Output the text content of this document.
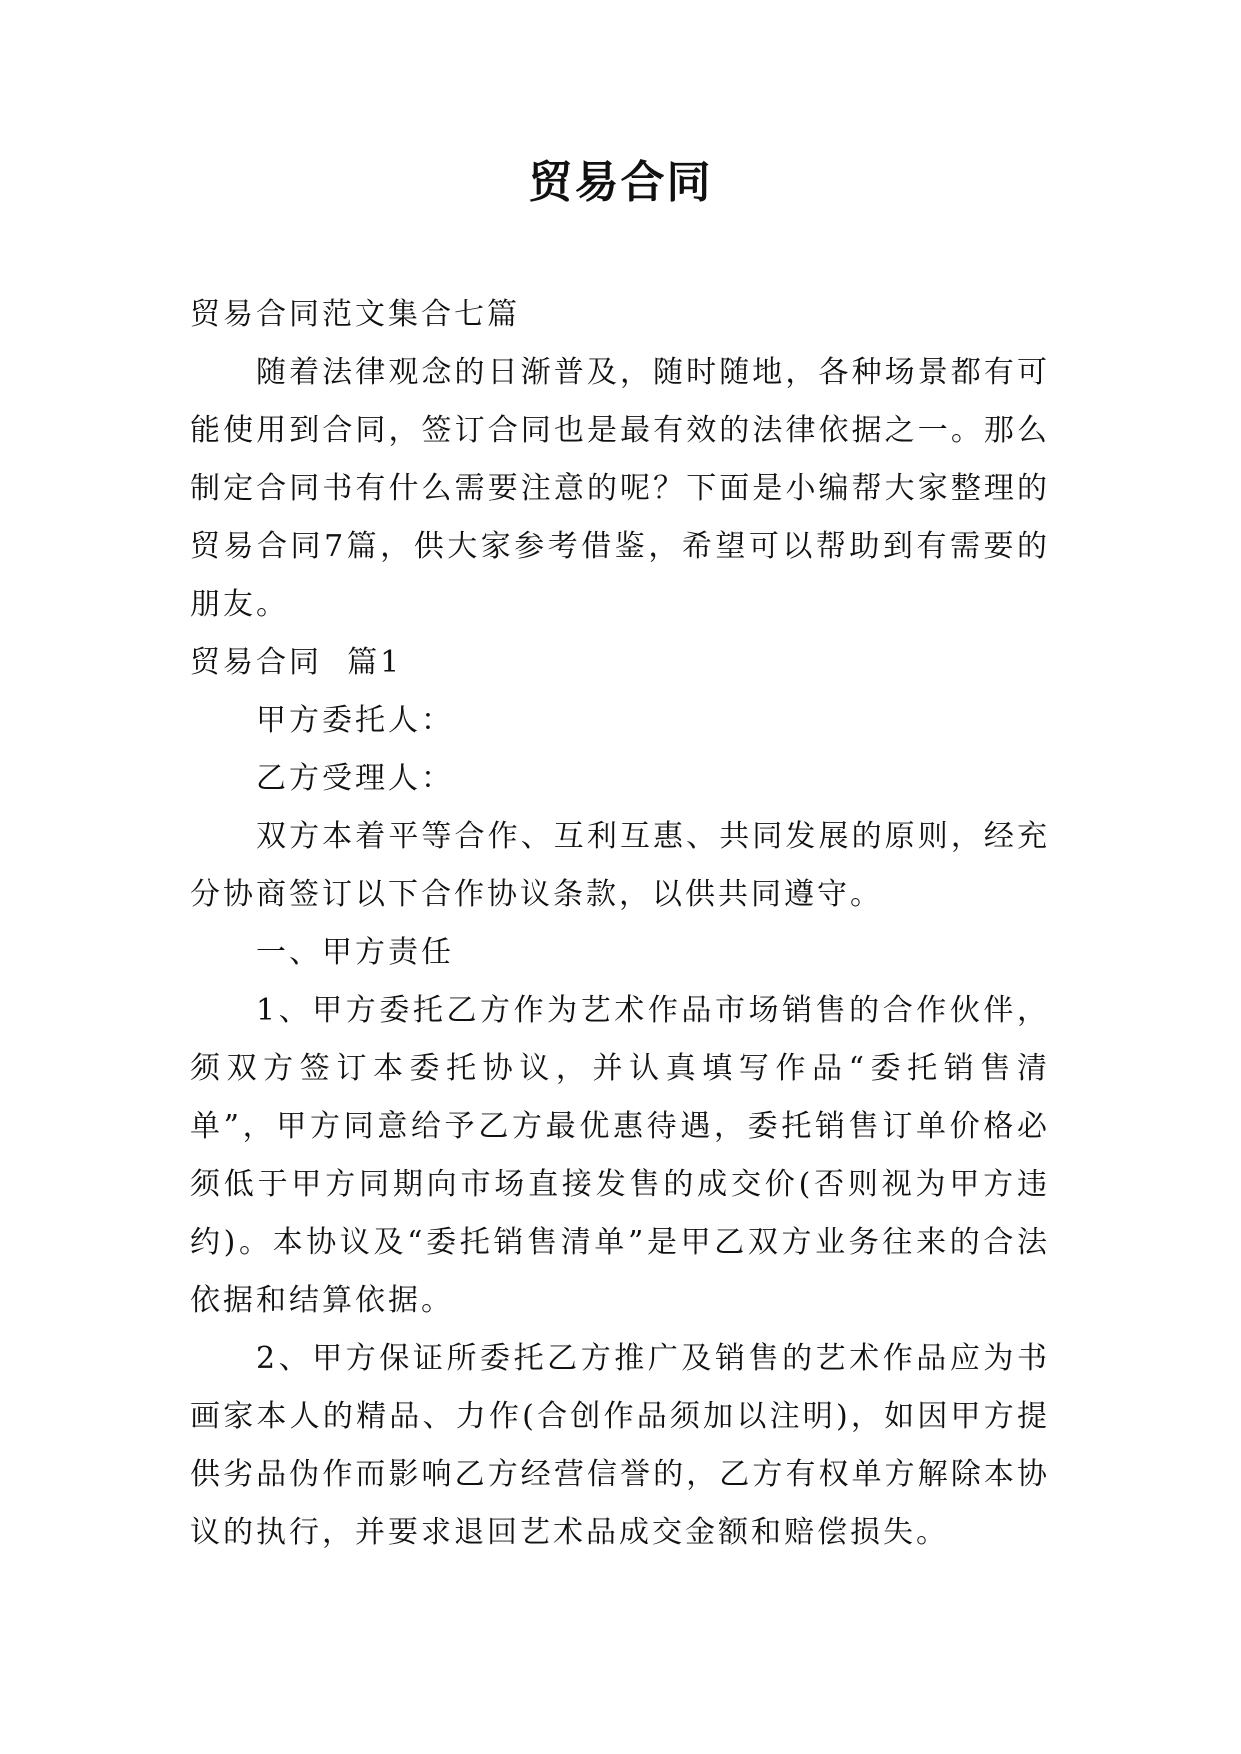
贸易合同

贸易合同范文集合七篇

随着法律观念的日渐普及，随时随地，各种场景都有可能使用到合同，签订合同也是最有效的法律依据之一。那么制定合同书有什么需要注意的呢？下面是小编帮大家整理的贸易合同7篇，供大家参考借鉴，希望可以帮助到有需要的朋友。

贸易合同  篇1

甲方委托人：

乙方受理人：

双方本着平等合作、互利互惠、共同发展的原则，经充分协商签订以下合作协议条款，以供共同遵守。

一、甲方责任

1、甲方委托乙方作为艺术作品市场销售的合作伙伴，须双方签订本委托协议，并认真填写作品“委托销售清单”，甲方同意给予乙方最优惠待遇，委托销售订单价格必须低于甲方同期向市场直接发售的成交价(否则视为甲方违约)。本协议及“委托销售清单”是甲乙双方业务往来的合法依据和结算依据。

2、甲方保证所委托乙方推广及销售的艺术作品应为书画家本人的精品、力作(合创作品须加以注明)，如因甲方提供劣品伪作而影响乙方经营信誉的，乙方有权单方解除本协议的执行，并要求退回艺术品成交金额和赔偿损失。
